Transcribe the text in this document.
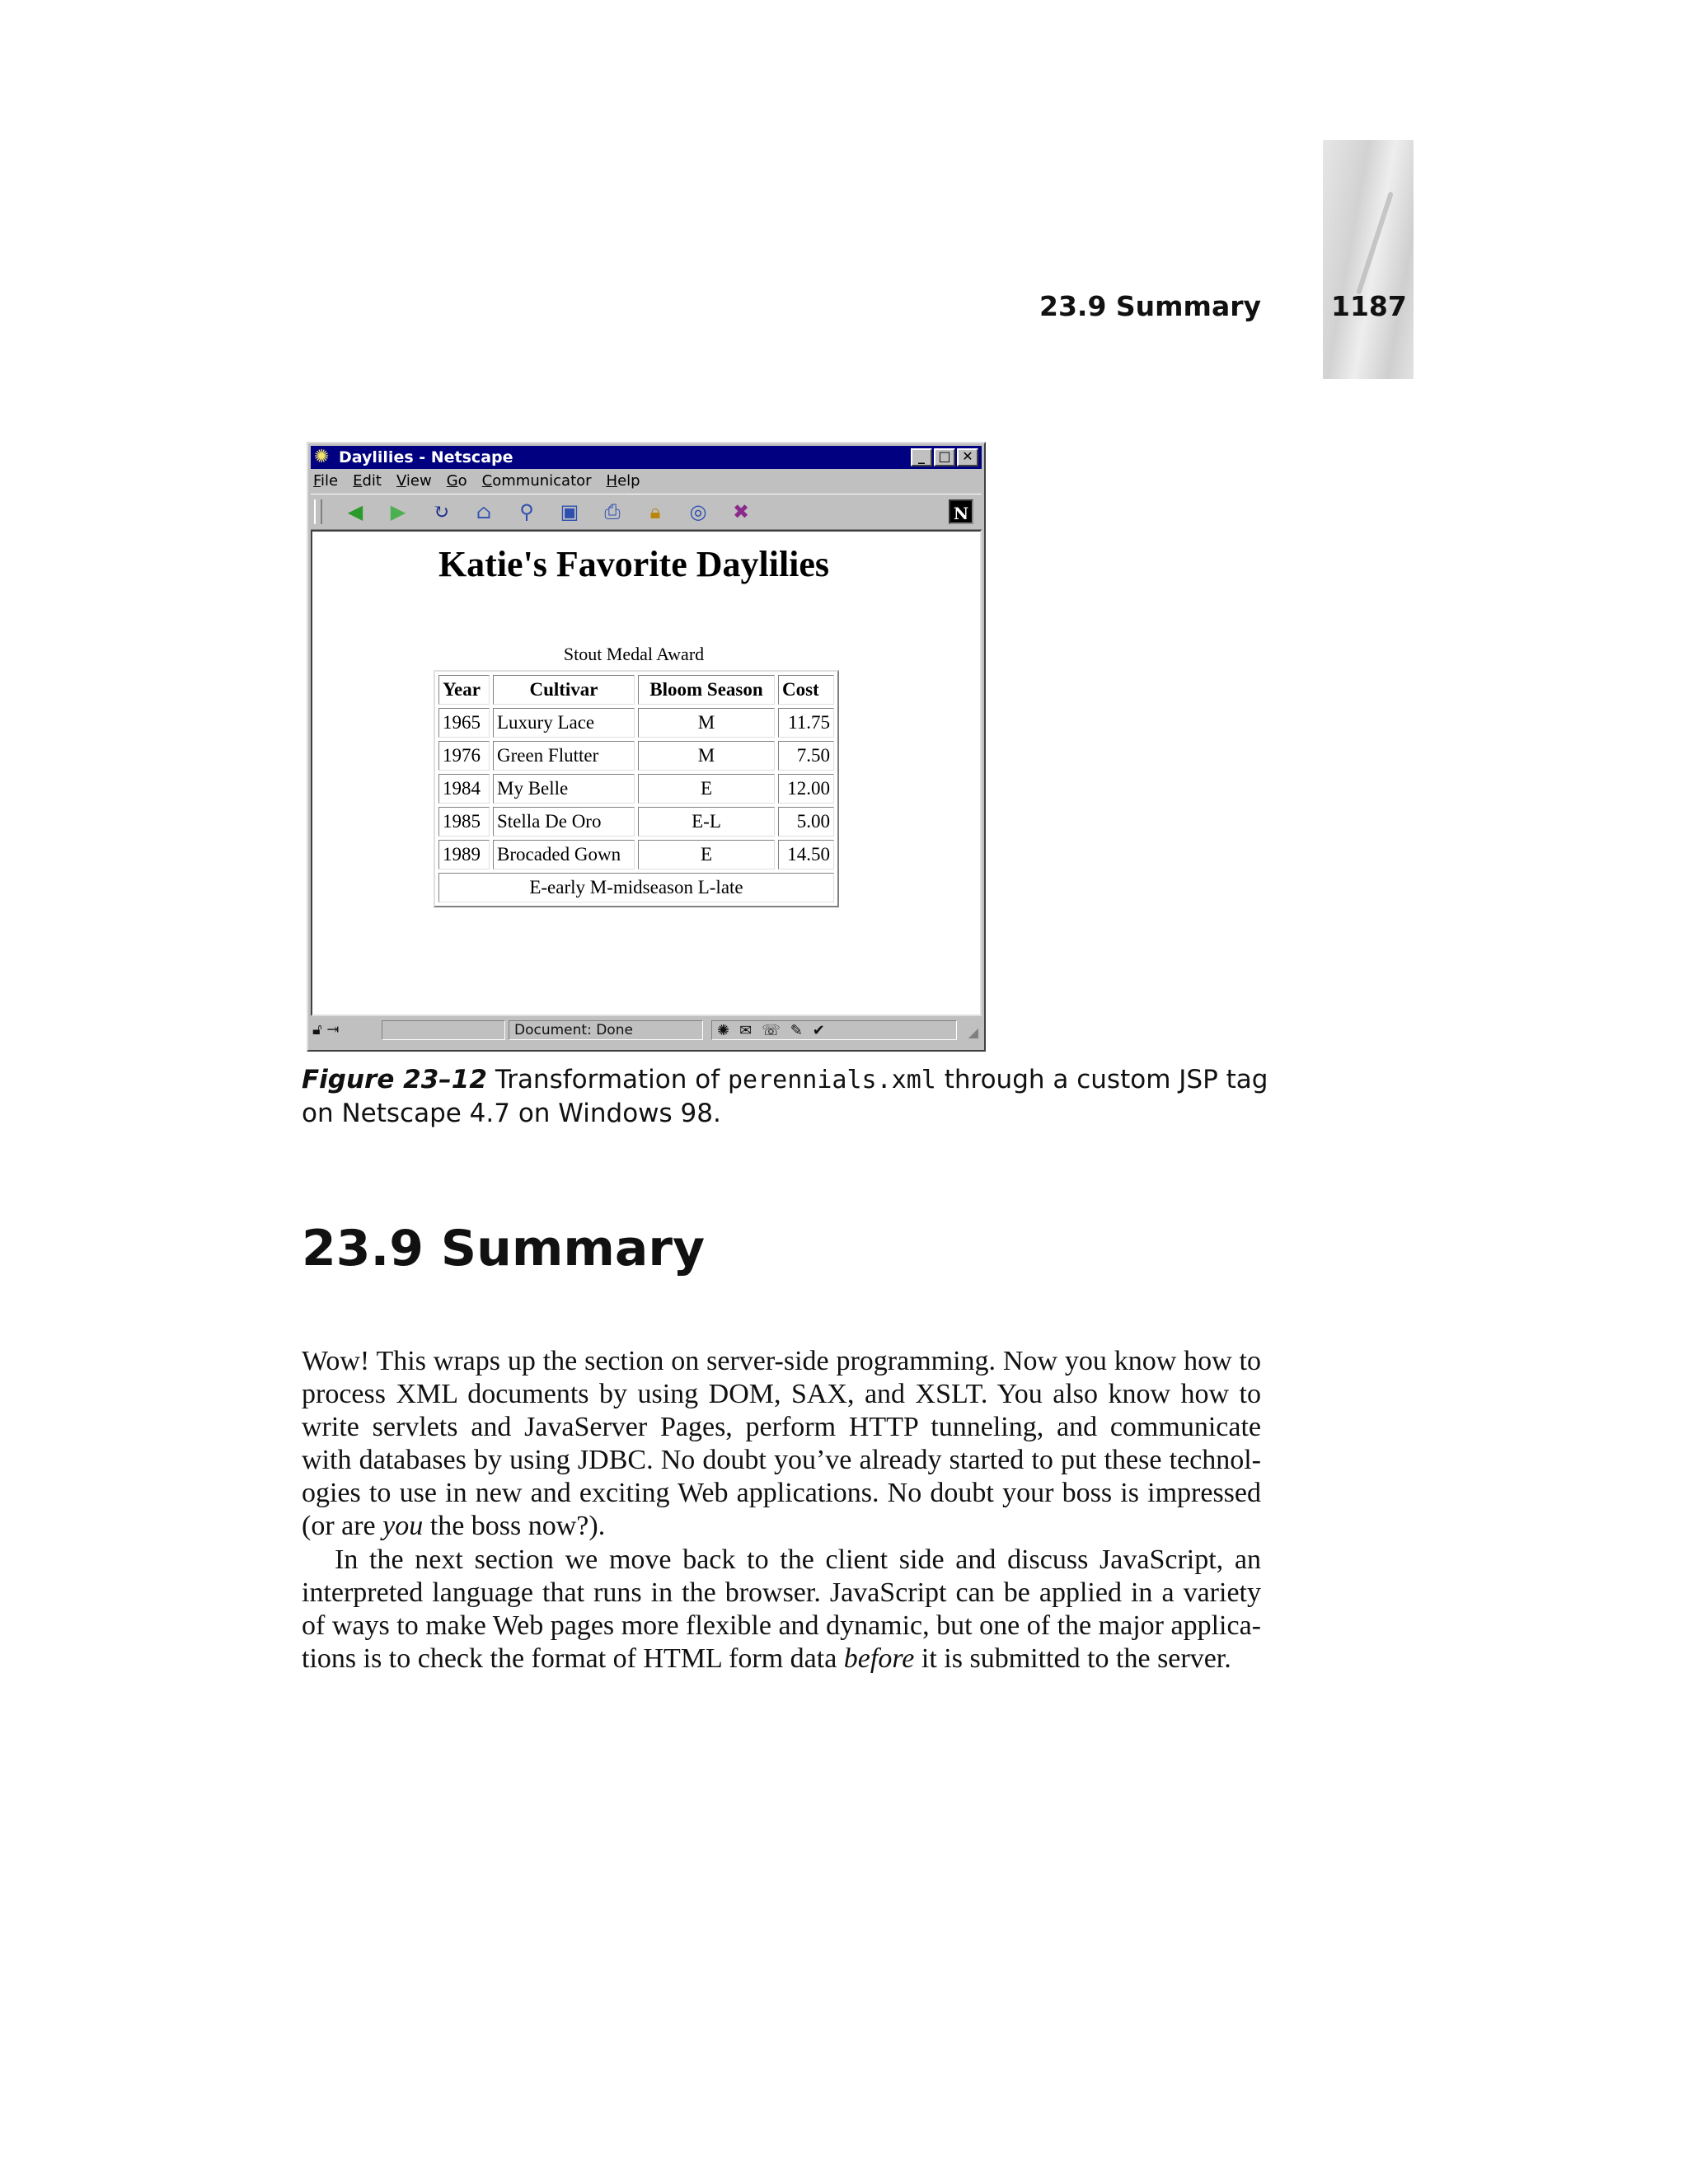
23.9 Summary	1187
✺ Daylilies - Netscape	_	□ ✕
File Edit View Go Communicator Help
◀ ▶ ↻ ⌂	⚲	▣ ⎙	🔒︎	◎ ✖	N
Katie's Favorite Daylilies
Stout Medal Award
Year	Cultivar	Bloom Season	Cost
1965	Luxury Lace	M	11.75
1976	Green Flutter	M	7.50
1984	My Belle	E	12.00
1985	Stella De Oro	E-L	5.00
1989	Brocaded Gown	E	14.50
E-early M-midseason L-late			
🔓︎ ⇥	Document: Done	✺ ✉ ☏ ✎ ✔	◢
Figure 23–12 Transformation of perennials.xml through a custom JSP tag on Netscape 4.7 on Windows 98.
23.9 Summary

Wow! This wraps up the section on server-side programming. Now you know how to process XML documents by using DOM, SAX, and XSLT. You also know how to write servlets and JavaServer Pages, perform HTTP tunneling, and communicate with databases by using JDBC. No doubt you’ve already started to put these technol-ogies to use in new and exciting Web applications. No doubt your boss is impressed (or are you the boss now?).

In the next section we move back to the client side and discuss JavaScript, an interpreted language that runs in the browser. JavaScript can be applied in a variety of ways to make Web pages more flexible and dynamic, but one of the major applica-tions is to check the format of HTML form data before it is submitted to the server.
